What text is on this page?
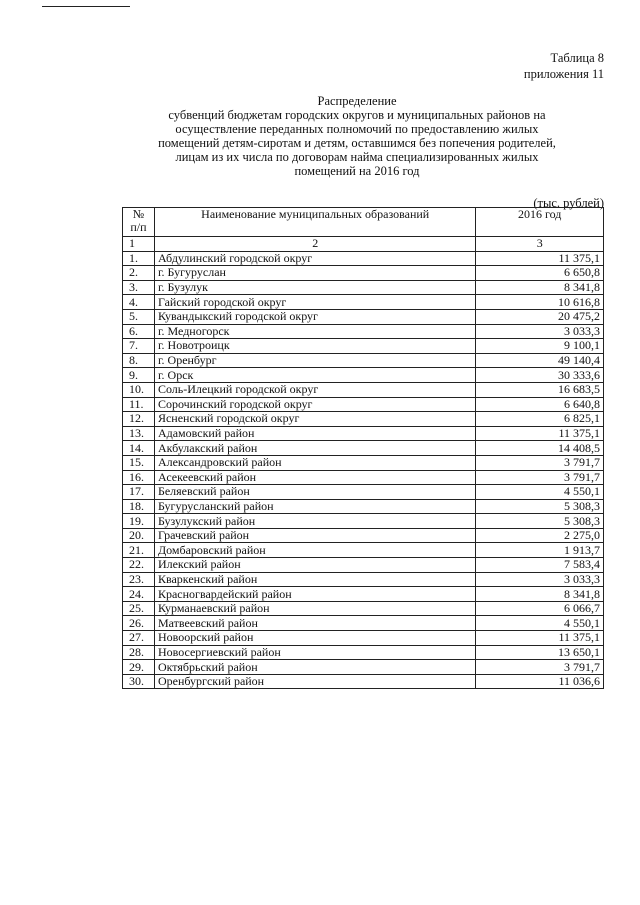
Таблица 8
приложения 11
Распределение
субвенций бюджетам городских округов и муниципальных районов на
осуществление переданных полномочий по предоставлению жилых
помещений детям-сиротам и детям, оставшимся без попечения родителей,
лицам из их числа по договорам найма специализированных жилых
помещений на 2016 год
(тыс. рублей)
№
п/п	Наименование муниципальных образований	2016 год
1	2	3
1.	Абдулинский городской округ	11 375,1
2.	г. Бугуруслан	6 650,8
3.	г. Бузулук	8 341,8
4.	Гайский городской округ	10 616,8
5.	Кувандыкский городской округ	20 475,2
6.	г. Медногорск	3 033,3
7.	г. Новотроицк	9 100,1
8.	г. Оренбург	49 140,4
9.	г. Орск	30 333,6
10.	Соль-Илецкий городской округ	16 683,5
11.	Сорочинский городской округ	6 640,8
12.	Ясненский городской округ	6 825,1
13.	Адамовский район	11 375,1
14.	Акбулакский район	14 408,5
15.	Александровский район	3 791,7
16.	Асекеевский район	3 791,7
17.	Беляевский район	4 550,1
18.	Бугурусланский район	5 308,3
19.	Бузулукский район	5 308,3
20.	Грачевский район	2 275,0
21.	Домбаровский район	1 913,7
22.	Илекский район	7 583,4
23.	Кваркенский район	3 033,3
24.	Красногвардейский район	8 341,8
25.	Курманаевский район	6 066,7
26.	Матвеевский район	4 550,1
27.	Новоорский район	11 375,1
28.	Новосергиевский район	13 650,1
29.	Октябрьский район	3 791,7
30.	Оренбургский район	11 036,6
